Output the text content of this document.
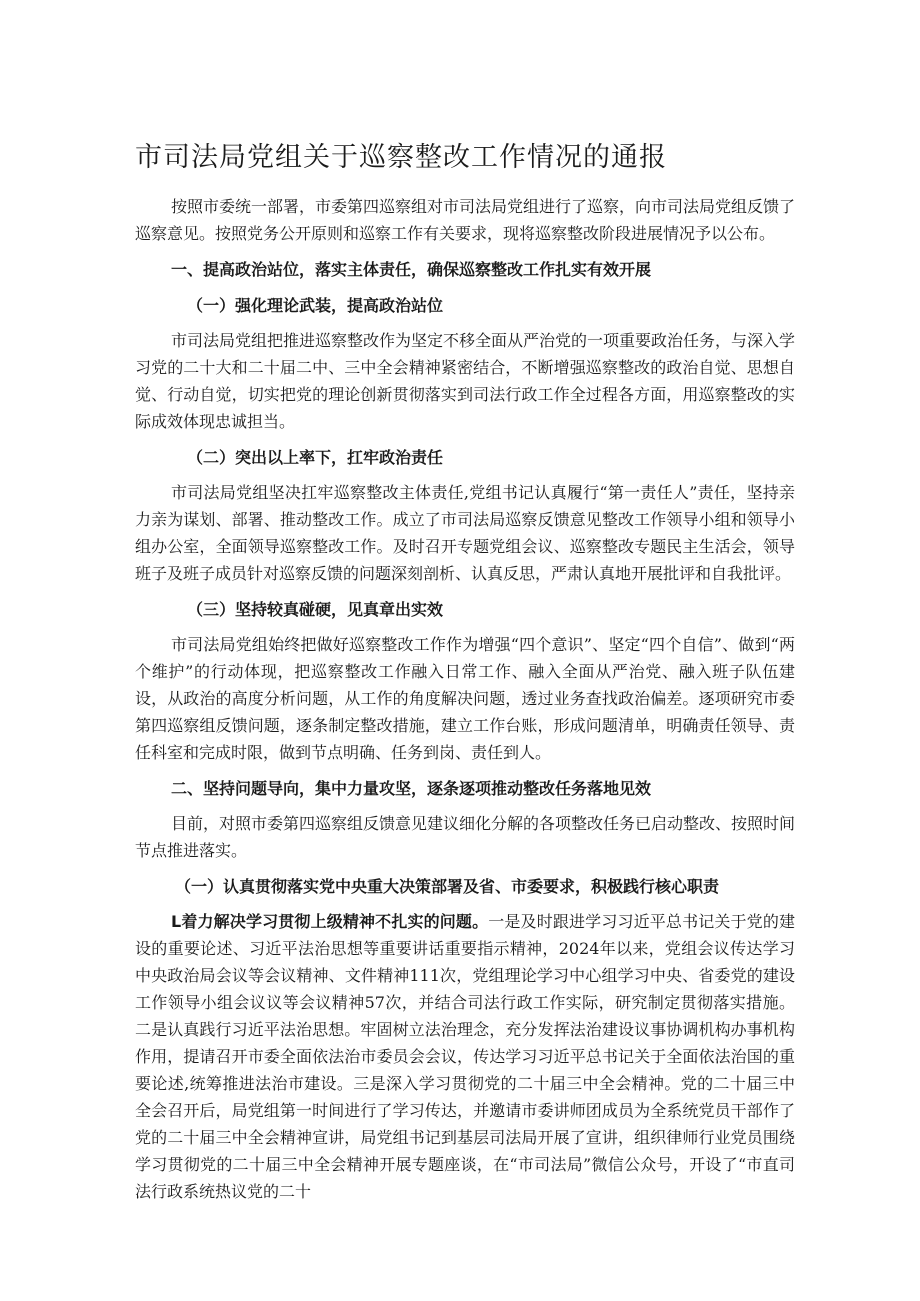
市司法局党组关于巡察整改工作情况的通报

按照市委统一部署，市委第四巡察组对市司法局党组进行了巡察，向市司法局党组反馈了巡察意见。按照党务公开原则和巡察工作有关要求，现将巡察整改阶段进展情况予以公布。

一、提高政治站位，落实主体责任，确保巡察整改工作扎实有效开展

（一）强化理论武装，提高政治站位

市司法局党组把推进巡察整改作为坚定不移全面从严治党的一项重要政治任务，与深入学习党的二十大和二十届二中、三中全会精神紧密结合，不断增强巡察整改的政治自觉、思想自觉、行动自觉，切实把党的理论创新贯彻落实到司法行政工作全过程各方面，用巡察整改的实际成效体现忠诚担当。

（二）突出以上率下，扛牢政治责任

市司法局党组坚决扛牢巡察整改主体责任,党组书记认真履行“第一责任人”责任，坚持亲力亲为谋划、部署、推动整改工作。成立了市司法局巡察反馈意见整改工作领导小组和领导小组办公室，全面领导巡察整改工作。及时召开专题党组会议、巡察整改专题民主生活会，领导班子及班子成员针对巡察反馈的问题深刻剖析、认真反思，严肃认真地开展批评和自我批评。

（三）坚持较真碰硬，见真章出实效

市司法局党组始终把做好巡察整改工作作为增强“四个意识”、坚定“四个自信”、做到“两个维护”的行动体现，把巡察整改工作融入日常工作、融入全面从严治党、融入班子队伍建设，从政治的高度分析问题，从工作的角度解决问题，透过业务查找政治偏差。逐项研究市委第四巡察组反馈问题，逐条制定整改措施，建立工作台账，形成问题清单，明确责任领导、责任科室和完成时限，做到节点明确、任务到岗、责任到人。

二、坚持问题导向，集中力量攻坚，逐条逐项推动整改任务落地见效

目前，对照市委第四巡察组反馈意见建议细化分解的各项整改任务已启动整改、按照时间节点推进落实。

（一）认真贯彻落实党中央重大决策部署及省、市委要求，积极践行核心职责

L着力解决学习贯彻上级精神不扎实的问题。一是及时跟进学习习近平总书记关于党的建设的重要论述、习近平法治思想等重要讲话重要指示精神，2024年以来，党组会议传达学习中央政治局会议等会议精神、文件精神111次，党组理论学习中心组学习中央、省委党的建设工作领导小组会议议等会议精神57次，并结合司法行政工作实际，研究制定贯彻落实措施。二是认真践行习近平法治思想。牢固树立法治理念，充分发挥法治建设议事协调机构办事机构作用，提请召开市委全面依法治市委员会会议，传达学习习近平总书记关于全面依法治国的重要论述,统筹推进法治市建设。三是深入学习贯彻党的二十届三中全会精神。党的二十届三中全会召开后，局党组第一时间进行了学习传达，并邀请市委讲师团成员为全系统党员干部作了党的二十届三中全会精神宣讲，局党组书记到基层司法局开展了宣讲，组织律师行业党员围绕学习贯彻党的二十届三中全会精神开展专题座谈，在“市司法局”微信公众号，开设了“市直司法行政系统热议党的二十
